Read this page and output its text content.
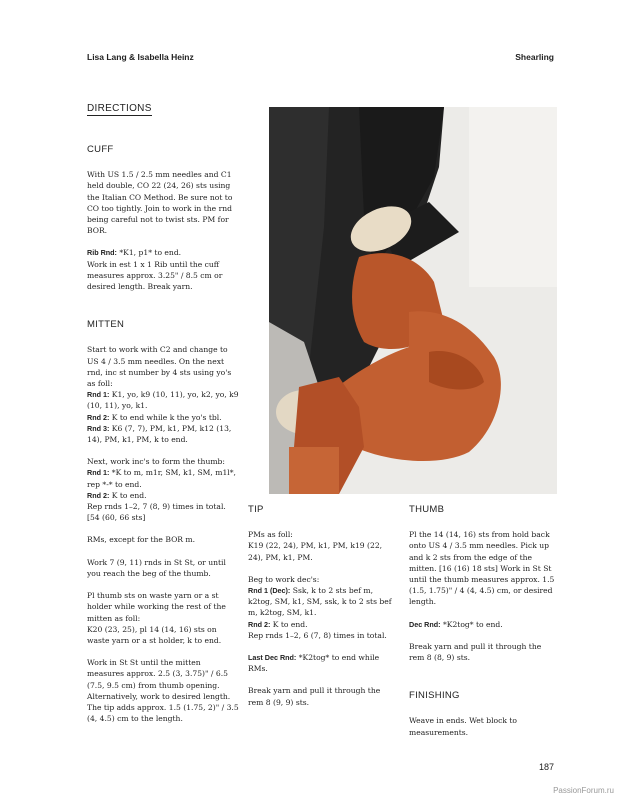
Lisa Lang & Isabella Heinz	Shearling
DIRECTIONS
CUFF

With US 1.5 / 2.5 mm needles and C1 held double, CO 22 (24, 26) sts using the Italian CO Method. Be sure not to CO too tightly. Join to work in the rnd being careful not to twist sts. PM for BOR.

Rib Rnd: *K1, p1* to end.

Work in est 1 x 1 Rib until the cuff measures approx. 3.25" / 8.5 cm or desired length. Break yarn.

MITTEN

Start to work with C2 and change to US 4 / 3.5 mm needles. On the next rnd, inc st number by 4 sts using yo's as foll:

Rnd 1: K1, yo, k9 (10, 11), yo, k2, yo, k9 (10, 11), yo, k1.
Rnd 2: K to end while k the yo's tbl.

Rnd 3: K6 (7, 7), PM, k1, PM, k12 (13, 14), PM, k1, PM, k to end.

Next, work inc's to form the thumb:
Rnd 1: *K to m, m1r, SM, k1, SM, m1l*, rep *-* to end.
Rnd 2: K to end.

Rep rnds 1–2, 7 (8, 9) times in total. [54 (60, 66 sts]

RMs, except for the BOR m.

Work 7 (9, 11) rnds in St St, or until you reach the beg of the thumb.

Pl thumb sts on waste yarn or a st holder while working the rest of the mitten as foll:

K20 (23, 25), pl 14 (14, 16) sts on waste yarn or a st holder, k to end.

Work in St St until the mitten measures approx. 2.5 (3, 3.75)" / 6.5 (7.5, 9.5 cm) from thumb opening. Alternatively, work to desired length. The tip adds approx. 1.5 (1.75, 2)" / 3.5 (4, 4.5) cm to the length.

TIP
PMs as foll:

K19 (22, 24), PM, k1, PM, k19 (22, 24), PM, k1, PM.

Beg to work dec's:
Rnd 1 (Dec): Ssk, k to 2 sts bef m, k2tog, SM, k1, SM, ssk, k to 2 sts bef m, k2tog, SM, k1.
Rnd 2: K to end.

Rep rnds 1–2, 6 (7, 8) times in total.

Last Dec Rnd: *K2tog* to end while RMs.

Break yarn and pull it through the rem 8 (9, 9) sts.

THUMB

Pl the 14 (14, 16) sts from hold back onto US 4 / 3.5 mm needles. Pick up and k 2 sts from the edge of the mitten. [16 (16) 18 sts] Work in St St until the thumb measures approx. 1.5 (1.5, 1.75)" / 4 (4, 4.5) cm, or desired length.

Dec Rnd: *K2tog* to end.

Break yarn and pull it through the rem 8 (8, 9) sts.

FINISHING

Weave in ends. Wet block to measurements.

187
PassionForum.ru
